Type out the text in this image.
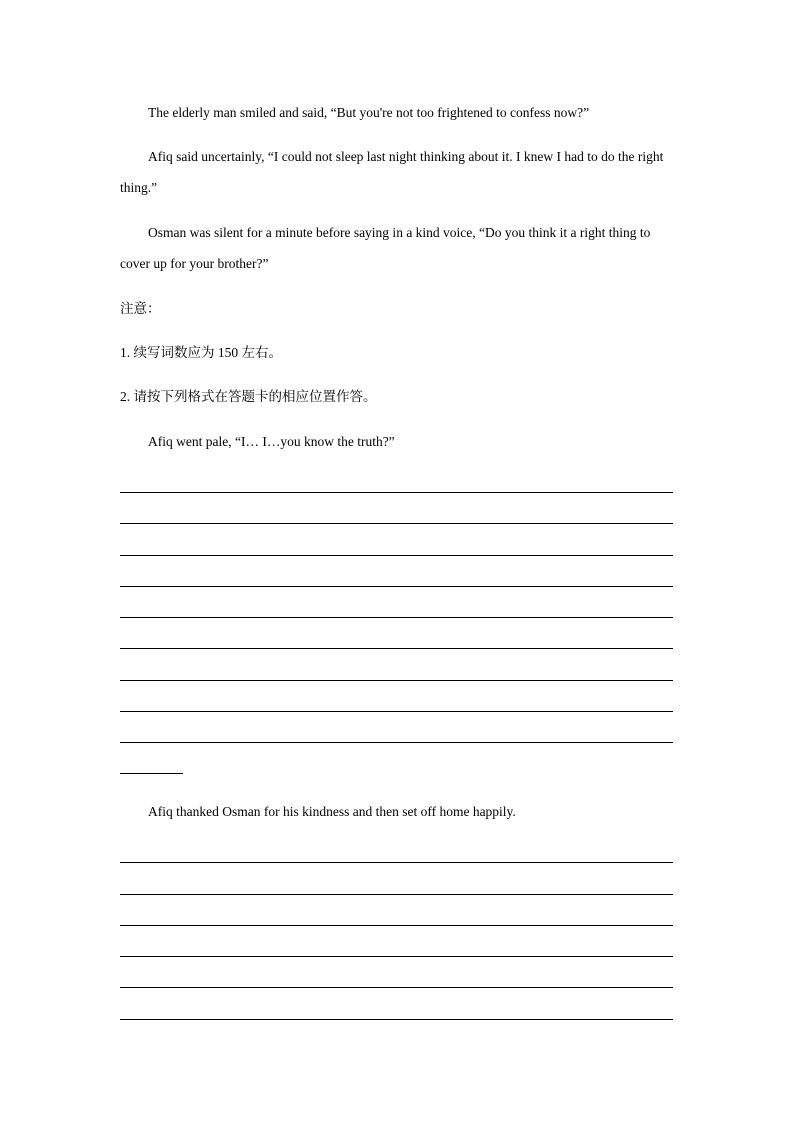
The elderly man smiled and said, “But you're not too frightened to confess now?”

Afiq said uncertainly, “I could not sleep last night thinking about it. I knew I had to do the right thing.”

Osman was silent for a minute before saying in a kind voice, “Do you think it a right thing to cover up for your brother?”

注意：

1. 续写词数应为 150 左右。

2. 请按下列格式在答题卡的相应位置作答。

Afiq went pale, “I… I…you know the truth?”

Afiq thanked Osman for his kindness and then set off home happily.
